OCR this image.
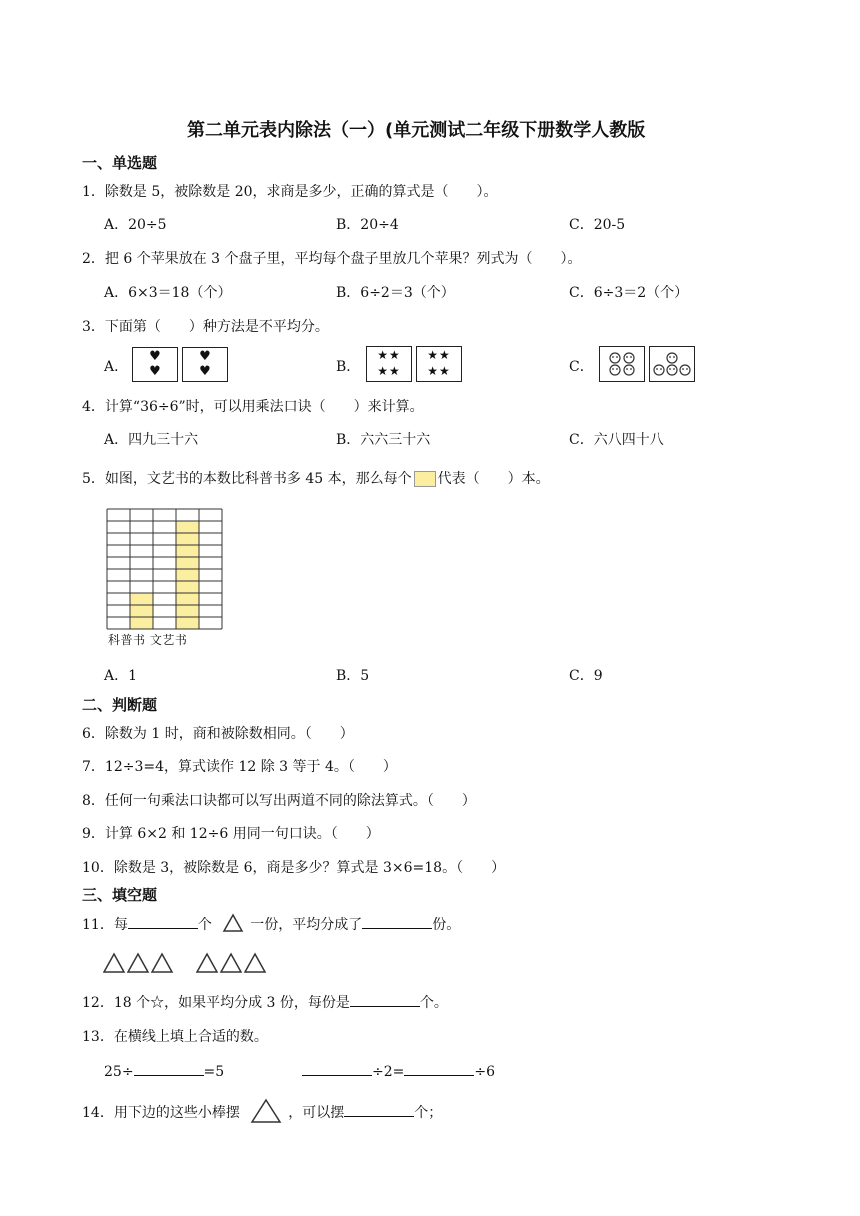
第二单元表内除法（一）(单元测试二年级下册数学人教版
一、单选题
1．除数是 5，被除数是 20，求商是多少，正确的算式是（　　）。
A．20÷5	B．20÷4	C．20-5
2．把 6 个苹果放在 3 个盘子里，平均每个盘子里放几个苹果？列式为（　　）。
A．6×3＝18（个）	B．6÷2＝3（个）	C．6÷3＝2（个）
3．下面第（　　）种方法是不平均分。
A．	B．	C．
♥
♥
♥
♥
★★
★★
★★
★★
4．计算“36÷6”时，可以用乘法口诀（　　）来计算。
A．四九三十六	B．六六三十六	C．六八四十八
5．如图，文艺书的本数比科普书多 45 本，那么每个 代表（　　）本。
科普书 文艺书
A．1	B．5	C．9
二、判断题
6．除数为 1 时，商和被除数相同。（　　）
7．12÷3=4，算式读作 12 除 3 等于 4。（　　）
8．任何一句乘法口诀都可以写出两道不同的除法算式。（　　）
9．计算 6×2 和 12÷6 用同一句口诀。（　　）
10．除数是 3，被除数是 6，商是多少？算式是 3×6=18。（　　）
三、填空题
11．每	个	一份，平均分成了	份。
12．18 个☆，如果平均分成 3 份，每份是	个。
13．在横线上填上合适的数。
25÷	=5	÷2=	÷6
14．用下边的这些小棒摆	，可以摆	个；
